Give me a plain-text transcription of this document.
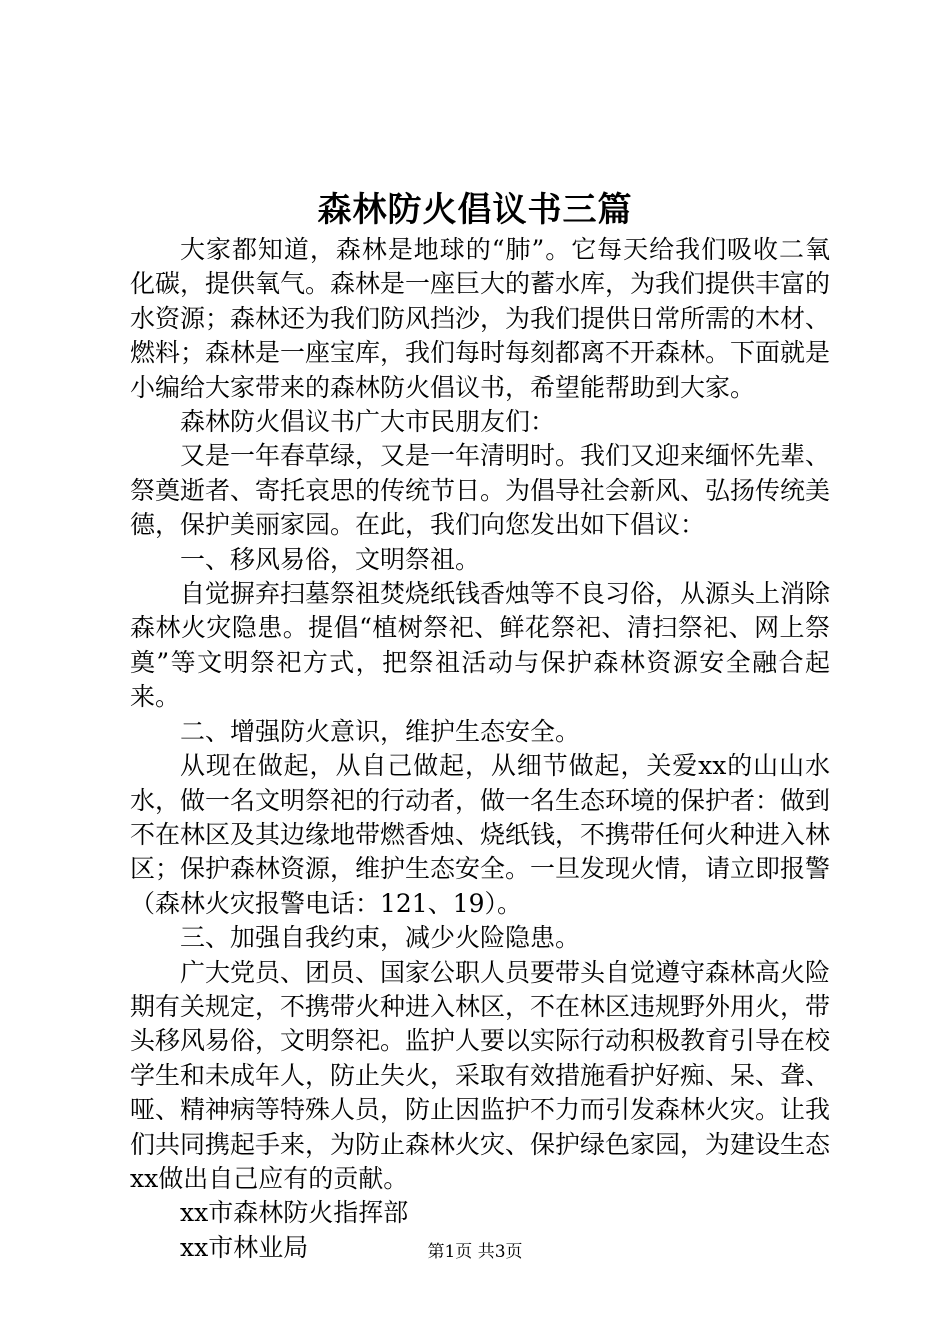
森林防火倡议书三篇

大家都知道，森林是地球的“肺”。它每天给我们吸收二氧化碳，提供氧气。森林是一座巨大的蓄水库，为我们提供丰富的水资源；森林还为我们防风挡沙，为我们提供日常所需的木材、燃料；森林是一座宝库，我们每时每刻都离不开森林。下面就是小编给大家带来的森林防火倡议书，希望能帮助到大家。

森林防火倡议书广大市民朋友们：

又是一年春草绿，又是一年清明时。我们又迎来缅怀先辈、祭奠逝者、寄托哀思的传统节日。为倡导社会新风、弘扬传统美德，保护美丽家园。在此，我们向您发出如下倡议：

一、移风易俗，文明祭祖。

自觉摒弃扫墓祭祖焚烧纸钱香烛等不良习俗，从源头上消除森林火灾隐患。提倡“植树祭祀、鲜花祭祀、清扫祭祀、网上祭奠”等文明祭祀方式，把祭祖活动与保护森林资源安全融合起来。

二、增强防火意识，维护生态安全。

从现在做起，从自己做起，从细节做起，关爱xx的山山水水，做一名文明祭祀的行动者，做一名生态环境的保护者：做到不在林区及其边缘地带燃香烛、烧纸钱，不携带任何火种进入林区；保护森林资源，维护生态安全。一旦发现火情，请立即报警（森林火灾报警电话：121、19）。

三、加强自我约束，减少火险隐患。

广大党员、团员、国家公职人员要带头自觉遵守森林高火险期有关规定，不携带火种进入林区，不在林区违规野外用火，带头移风易俗，文明祭祀。监护人要以实际行动积极教育引导在校学生和未成年人，防止失火，采取有效措施看护好痴、呆、聋、哑、精神病等特殊人员，防止因监护不力而引发森林火灾。让我们共同携起手来，为防止森林火灾、保护绿色家园，为建设生态xx做出自己应有的贡献。

xx市森林防火指挥部

xx市林业局	第1页 共3页
